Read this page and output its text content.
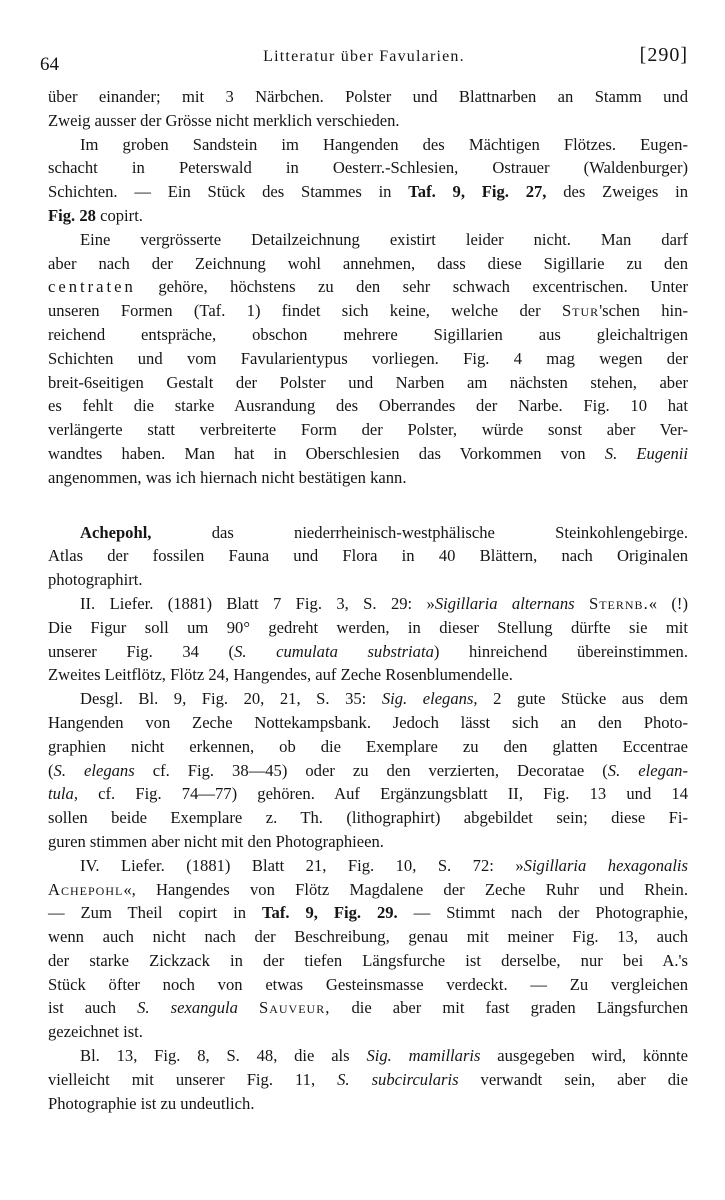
64	Litteratur über Favularien.	[290]
über einander; mit 3 Närbchen. Polster und Blattnarben an Stamm und
Zweig ausser der Grösse nicht merklich verschieden.
Im groben Sandstein im Hangenden des Mächtigen Flötzes. Eugen-
schacht in Peterswald in Oesterr.-Schlesien, Ostrauer (Waldenburger)
Schichten. — Ein Stück des Stammes in Taf. 9, Fig. 27, des Zweiges in
Fig. 28 copirt.
Eine vergrösserte Detailzeichnung existirt leider nicht. Man darf
aber nach der Zeichnung wohl annehmen, dass diese Sigillarie zu den
centraten gehöre, höchstens zu den sehr schwach excentrischen. Unter
unseren Formen (Taf. 1) findet sich keine, welche der Stur'schen hin-
reichend entspräche, obschon mehrere Sigillarien aus gleichaltrigen
Schichten und vom Favularientypus vorliegen. Fig. 4 mag wegen der
breit-6seitigen Gestalt der Polster und Narben am nächsten stehen, aber
es fehlt die starke Ausrandung des Oberrandes der Narbe. Fig. 10 hat
verlängerte statt verbreiterte Form der Polster, würde sonst aber Ver-
wandtes haben. Man hat in Oberschlesien das Vorkommen von S. Eugenii
angenommen, was ich hiernach nicht bestätigen kann.
Achepohl,	das niederrheinisch-westphälische Steinkohlengebirge.
Atlas der fossilen Fauna und Flora in 40 Blättern, nach Originalen
photographirt.
II. Liefer. (1881) Blatt 7 Fig. 3, S. 29: »Sigillaria alternans Sternb.« (!)
Die Figur soll um 90° gedreht werden, in dieser Stellung dürfte sie mit
unserer Fig. 34 (S. cumulata substriata) hinreichend übereinstimmen.
Zweites Leitflötz, Flötz 24, Hangendes, auf Zeche Rosenblumendelle.
Desgl. Bl. 9, Fig. 20, 21, S. 35: Sig. elegans, 2 gute Stücke aus dem
Hangenden von Zeche Nottekampsbank. Jedoch lässt sich an den Photo-
graphien nicht erkennen, ob die Exemplare zu den glatten Eccentrae
(S. elegans cf. Fig. 38—45) oder zu den verzierten, Decoratae (S. elegan-
tula, cf. Fig. 74—77) gehören. Auf Ergänzungsblatt II, Fig. 13 und 14
sollen beide Exemplare z. Th. (lithographirt) abgebildet sein; diese Fi-
guren stimmen aber nicht mit den Photographieen.
IV. Liefer. (1881) Blatt 21, Fig. 10, S. 72: »Sigillaria hexagonalis
Achepohl«, Hangendes von Flötz Magdalene der Zeche Ruhr und Rhein.
— Zum Theil copirt in Taf. 9, Fig. 29. — Stimmt nach der Photographie,
wenn auch nicht nach der Beschreibung, genau mit meiner Fig. 13, auch
der starke Zickzack in der tiefen Längsfurche ist derselbe, nur bei A.'s
Stück öfter noch von etwas Gesteinsmasse verdeckt. — Zu vergleichen
ist auch S. sexangula Sauveur, die aber mit fast graden Längsfurchen
gezeichnet ist.
Bl. 13, Fig. 8, S. 48, die als Sig. mamillaris ausgegeben wird, könnte
vielleicht mit unserer Fig. 11, S. subcircularis verwandt sein, aber die
Photographie ist zu undeutlich.
